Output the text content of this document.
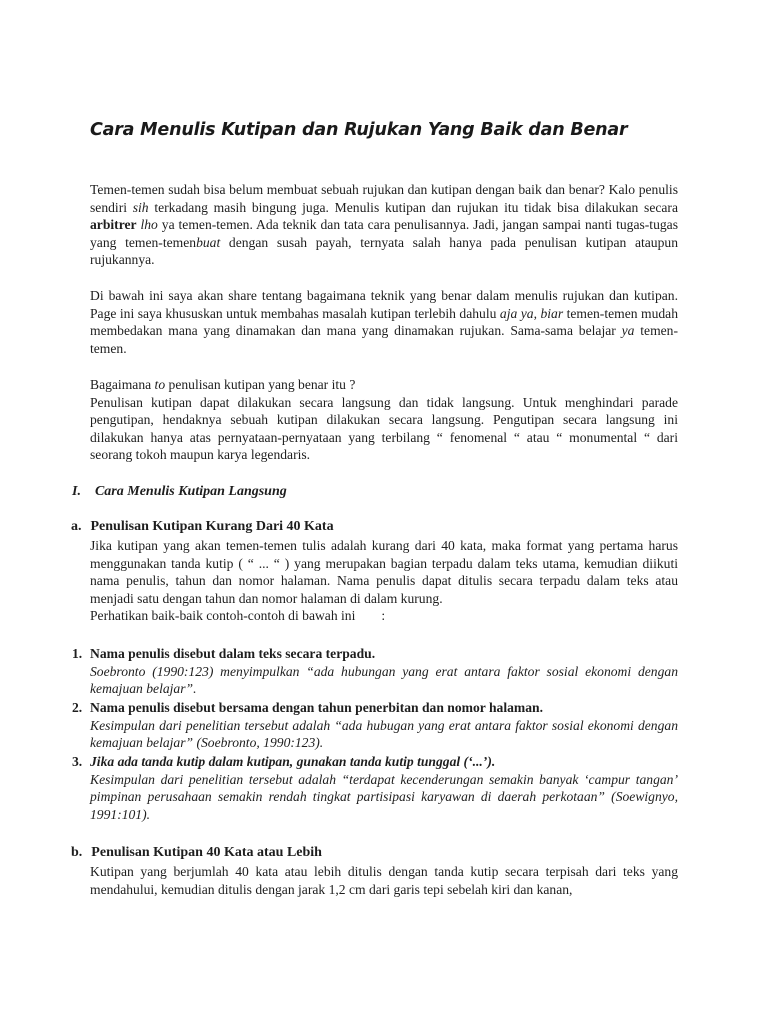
Cara Menulis Kutipan dan Rujukan Yang Baik dan Benar

Temen-temen sudah bisa belum membuat sebuah rujukan dan kutipan dengan baik dan benar? Kalo penulis sendiri sih terkadang masih bingung juga. Menulis kutipan dan rujukan itu tidak bisa dilakukan secara arbitrer lho ya temen-temen. Ada teknik dan tata cara penulisannya. Jadi, jangan sampai nanti tugas-tugas yang temen-temenbuat dengan susah payah, ternyata salah hanya pada penulisan kutipan ataupun rujukannya.

Di bawah ini saya akan share tentang bagaimana teknik yang benar dalam menulis rujukan dan kutipan. Page ini saya khususkan untuk membahas masalah kutipan terlebih dahulu aja ya, biar temen-temen mudah membedakan mana yang dinamakan dan mana yang dinamakan rujukan. Sama-sama belajar ya temen-temen.

Bagaimana to penulisan kutipan yang benar itu ?

Penulisan kutipan dapat dilakukan secara langsung dan tidak langsung. Untuk menghindari parade pengutipan, hendaknya sebuah kutipan dilakukan secara langsung. Pengutipan secara langsung ini dilakukan hanya atas pernyataan-pernyataan yang terbilang “ fenomenal “ atau “ monumental “ dari seorang tokoh maupun karya legendaris.

I. Cara Menulis Kutipan Langsung
a. Penulisan Kutipan Kurang Dari 40 Kata

Jika kutipan yang akan temen-temen tulis adalah kurang dari 40 kata, maka format yang pertama harus menggunakan tanda kutip ( “ ... “ ) yang merupakan bagian terpadu dalam teks utama, kemudian diikuti nama penulis, tahun dan nomor halaman. Nama penulis dapat ditulis secara terpadu dalam teks atau menjadi satu dengan tahun dan nomor halaman di dalam kurung.

Perhatikan baik-baik contoh-contoh di bawah ini :

1. Nama penulis disebut dalam teks secara terpadu.
Soebronto (1990:123) menyimpulkan “ada hubungan yang erat antara faktor sosial ekonomi dengan kemajuan belajar”.
2. Nama penulis disebut bersama dengan tahun penerbitan dan nomor halaman.
Kesimpulan dari penelitian tersebut adalah “ada hubugan yang erat antara faktor sosial ekonomi dengan kemajuan belajar” (Soebronto, 1990:123).
3. Jika ada tanda kutip dalam kutipan, gunakan tanda kutip tunggal (‘...’).
Kesimpulan dari penelitian tersebut adalah “terdapat kecenderungan semakin banyak ‘campur tangan’ pimpinan perusahaan semakin rendah tingkat partisipasi karyawan di daerah perkotaan” (Soewignyo, 1991:101).
b. Penulisan Kutipan 40 Kata atau Lebih

Kutipan yang berjumlah 40 kata atau lebih ditulis dengan tanda kutip secara terpisah dari teks yang mendahului, kemudian ditulis dengan jarak 1,2 cm dari garis tepi sebelah kiri dan kanan,
